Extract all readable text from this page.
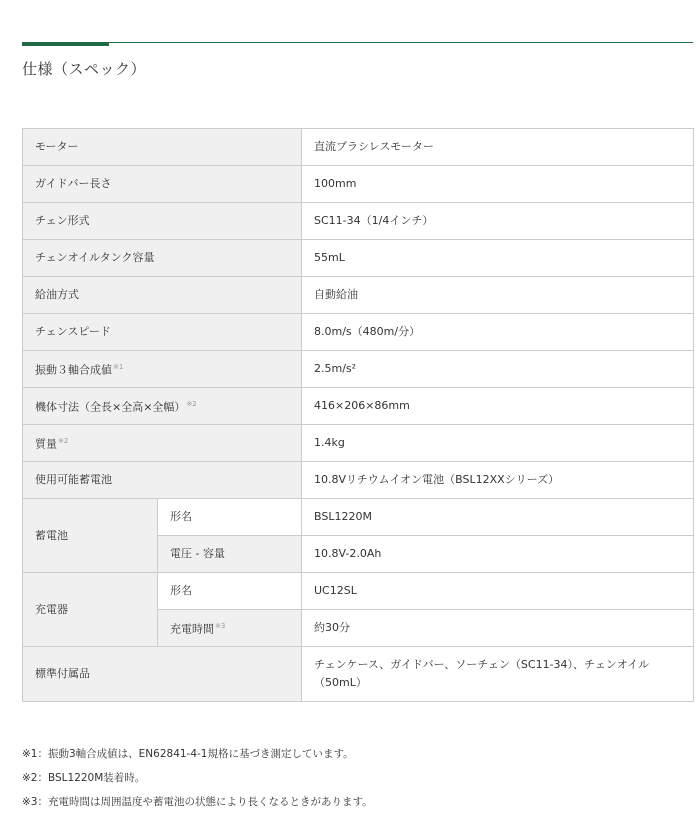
仕様（スペック）
モーター		直流ブラシレスモーター
ガイドバー長さ		100mm
チェン形式		SC11-34（1/4インチ）
チェンオイルタンク容量		55mL
給油方式		自動給油
チェンスピード		8.0m/s（480m/分）
振動３軸合成値$^{※1}$		2.5m/s²
機体寸法（全長×全高×全幅）$^{※2}$		416×206×86mm
質量$^{※2}$		1.4kg
使用可能蓄電池		10.8Vリチウムイオン電池（BSL12XXシリーズ）
蓄電池	形名	BSL1220M
	電圧 - 容量	10.8V-2.0Ah
充電器	形名	UC12SL
	充電時間$^{※3}$	約30分
標準付属品		チェンケース、ガイドバー、ソーチェン（SC11-34）、チェンオイル（50mL）
※1：振動3軸合成値は、EN62841-4-1規格に基づき測定しています。
※2：BSL1220M装着時。
※3：充電時間は周囲温度や蓄電池の状態により長くなるときがあります。
